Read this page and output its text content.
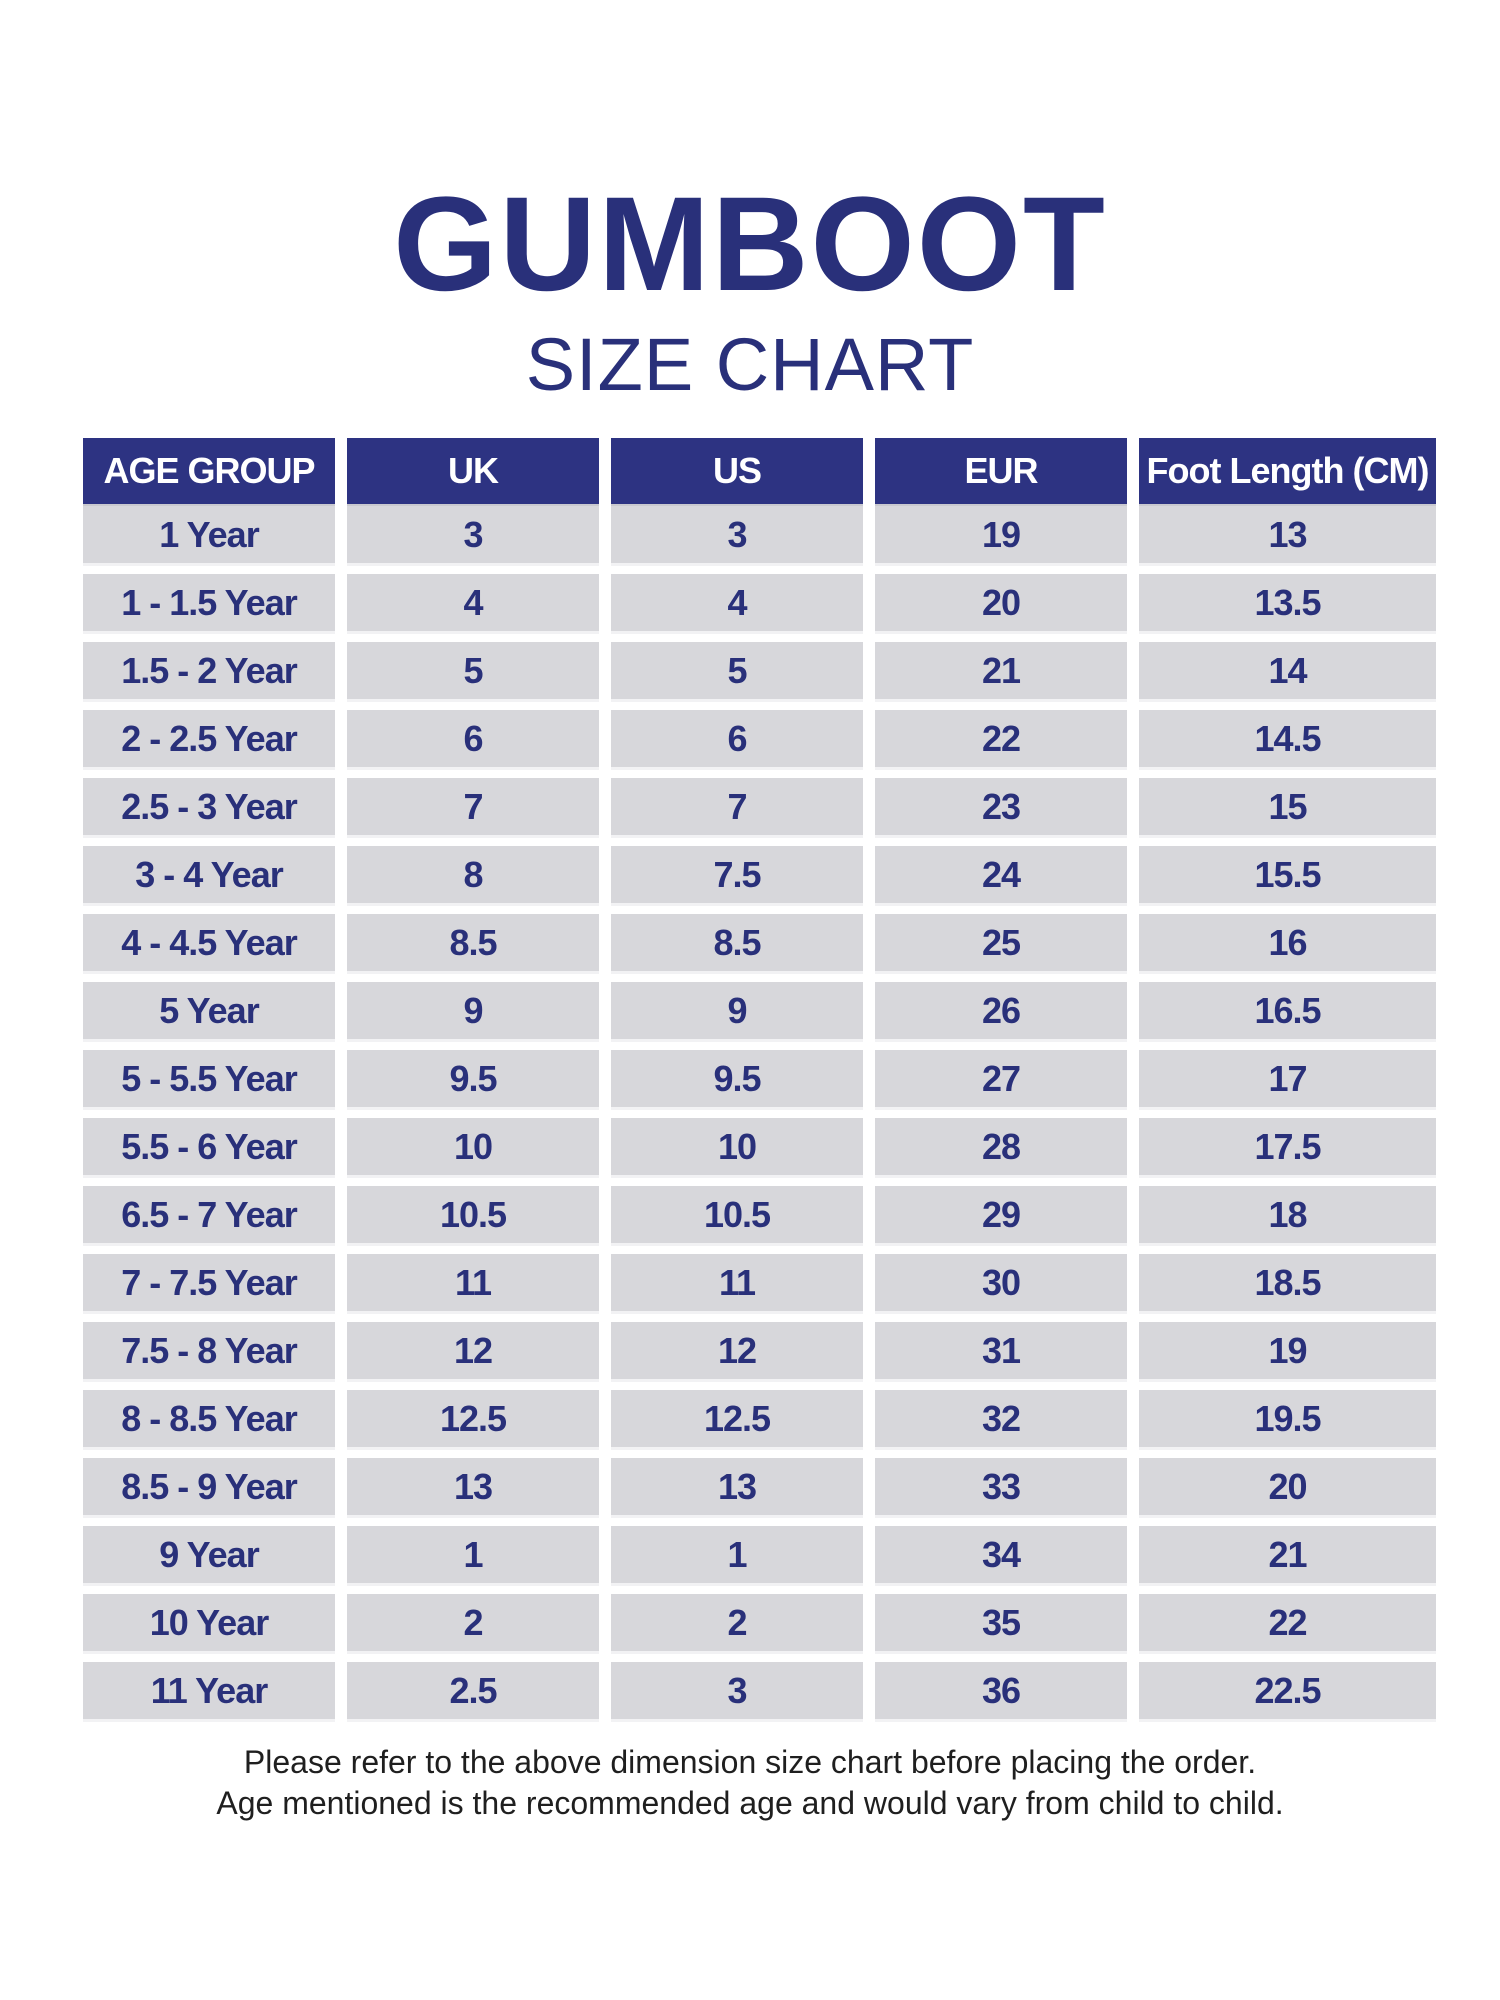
GUMBOOT
SIZE CHART
AGE GROUP	UK	US	EUR	Foot Length (CM)
1 Year	3	3	19	13
1 - 1.5 Year	4	4	20	13.5
1.5 - 2 Year	5	5	21	14
2 - 2.5 Year	6	6	22	14.5
2.5 - 3 Year	7	7	23	15
3 - 4 Year	8	7.5	24	15.5
4 - 4.5 Year	8.5	8.5	25	16
5 Year	9	9	26	16.5
5 - 5.5 Year	9.5	9.5	27	17
5.5 - 6 Year	10	10	28	17.5
6.5 - 7 Year	10.5	10.5	29	18
7 - 7.5 Year	11	11	30	18.5
7.5 - 8 Year	12	12	31	19
8 - 8.5 Year	12.5	12.5	32	19.5
8.5 - 9 Year	13	13	33	20
9 Year	1	1	34	21
10 Year	2	2	35	22
11 Year	2.5	3	36	22.5
Please refer to the above dimension size chart before placing the order.
Age mentioned is the recommended age and would vary from child to child.
